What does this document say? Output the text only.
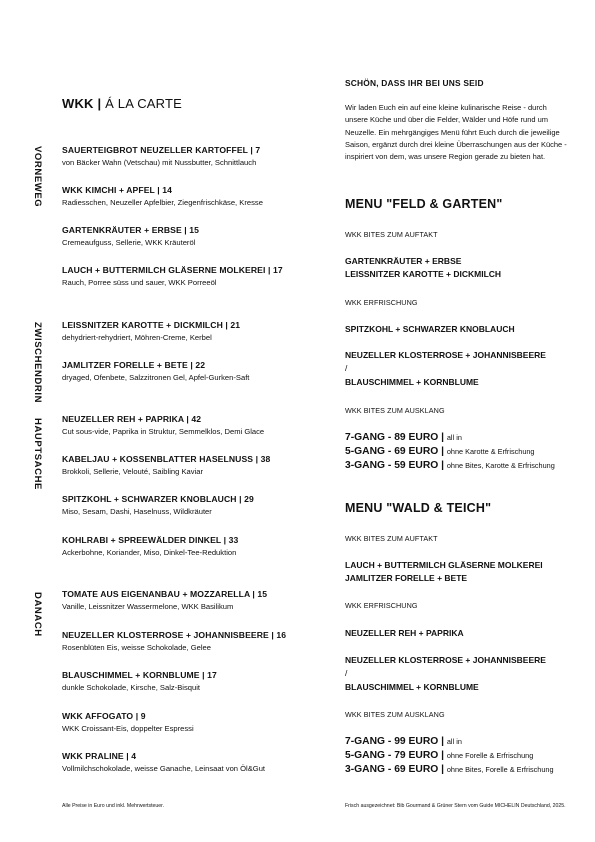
WKK | Á LA CARTE
VORNEWEG
ZWISCHENDRIN
HAUPTSACHE
DANACH
SAUERTEIGBROT NEUZELLER KARTOFFEL | 7
von Bäcker Wahn (Vetschau) mit Nussbutter, Schnittlauch
WKK KIMCHI + APFEL | 14
Radiesschen, Neuzeller Apfelbier, Ziegenfrischkäse, Kresse
GARTENKRÄUTER + ERBSE | 15
Cremeaufguss, Sellerie, WKK Kräuteröl
LAUCH + BUTTERMILCH GLÄSERNE MOLKEREI | 17
Rauch, Porree süss und sauer, WKK Porreeöl
LEISSNITZER KAROTTE + DICKMILCH | 21
dehydriert-rehydriert, Möhren-Creme, Kerbel
JAMLITZER FORELLE + BETE | 22
dryaged, Ofenbete, Salzzitronen Gel, Apfel-Gurken-Saft
NEUZELLER REH + PAPRIKA | 42
Cut sous-vide, Paprika in Struktur, Semmelklos, Demi Glace
KABELJAU + KOSSENBLATTER HASELNUSS | 38
Brokkoli, Sellerie, Velouté, Saibling Kaviar
SPITZKOHL + SCHWARZER KNOBLAUCH | 29
Miso, Sesam, Dashi, Haselnuss, Wildkräuter
KOHLRABI + SPREEWÄLDER DINKEL | 33
Ackerbohne, Koriander, Miso, Dinkel-Tee-Reduktion
TOMATE AUS EIGENANBAU + MOZZARELLA | 15
Vanille, Leissnitzer Wassermelone, WKK Basilikum
NEUZELLER KLOSTERROSE + JOHANNISBEERE | 16
Rosenblüten Eis, weisse Schokolade, Gelee
BLAUSCHIMMEL + KORNBLUME | 17
dunkle Schokolade, Kirsche, Salz-Bisquit
WKK AFFOGATO | 9
WKK Croissant-Eis, doppelter Espressi
WKK PRALINE | 4
Vollmilchschokolade, weisse Ganache, Leinsaat von Öl&Gut
Alle Preise in Euro und inkl. Mehrwertsteuer.
SCHÖN, DASS IHR BEI UNS SEID
Wir laden Euch ein auf eine kleine kulinarische Reise - durch unsere Küche und über die Felder, Wälder und Höfe rund um Neuzelle. Ein mehrgängiges Menü führt Euch durch die jeweilige Saison, ergänzt durch drei kleine Überraschungen aus der Küche - inspiriert von dem, was unsere Region gerade zu bieten hat.
MENU "FELD & GARTEN"
WKK BITES ZUM AUFTAKT
GARTENKRÄUTER + ERBSE
LEISSNITZER KAROTTE + DICKMILCH
WKK ERFRISCHUNG
SPITZKOHL + SCHWARZER KNOBLAUCH
NEUZELLER KLOSTERROSE + JOHANNISBEERE
/
BLAUSCHIMMEL + KORNBLUME
WKK BITES ZUM AUSKLANG
7-GANG - 89 EURO | all in
5-GANG - 69 EURO | ohne Karotte & Erfrischung
3-GANG - 59 EURO | ohne Bites, Karotte & Erfrischung
MENU "WALD & TEICH"
WKK BITES ZUM AUFTAKT
LAUCH + BUTTERMILCH GLÄSERNE MOLKEREI
JAMLITZER FORELLE + BETE
WKK ERFRISCHUNG
NEUZELLER REH + PAPRIKA
NEUZELLER KLOSTERROSE + JOHANNISBEERE
/
BLAUSCHIMMEL + KORNBLUME
WKK BITES ZUM AUSKLANG
7-GANG - 99 EURO | all in
5-GANG - 79 EURO | ohne Forelle & Erfrischung
3-GANG - 69 EURO | ohne Bites, Forelle & Erfrischung
Frisch ausgezeichnet: Bib Gourmand & Grüner Stern vom Guide MICHELIN Deutschland, 2025.
